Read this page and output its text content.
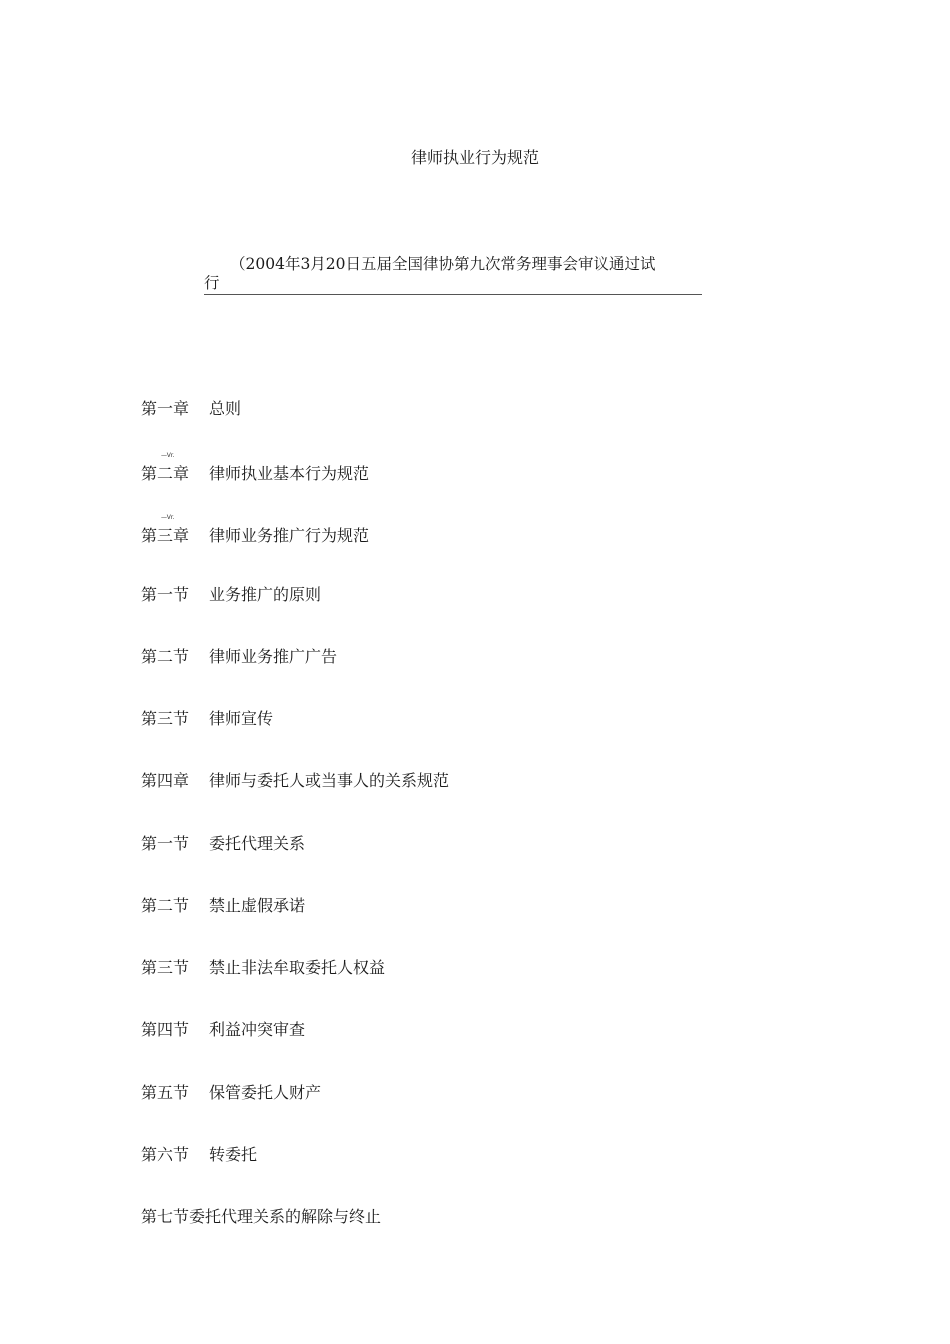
律师执业行为规范
（2004年3月20日五届全国律协第九次常务理事会审议通过试
行
第一章 总则
—Vr.
第二章 律师执业基本行为规范
—Vr.
第三章 律师业务推广行为规范
第一节 业务推广的原则
第二节 律师业务推广广告
第三节 律师宣传
第四章 律师与委托人或当事人的关系规范
第一节 委托代理关系
第二节 禁止虚假承诺
第三节 禁止非法牟取委托人权益
第四节 利益冲突审查
第五节 保管委托人财产
第六节 转委托
第七节委托代理关系的解除与终止
